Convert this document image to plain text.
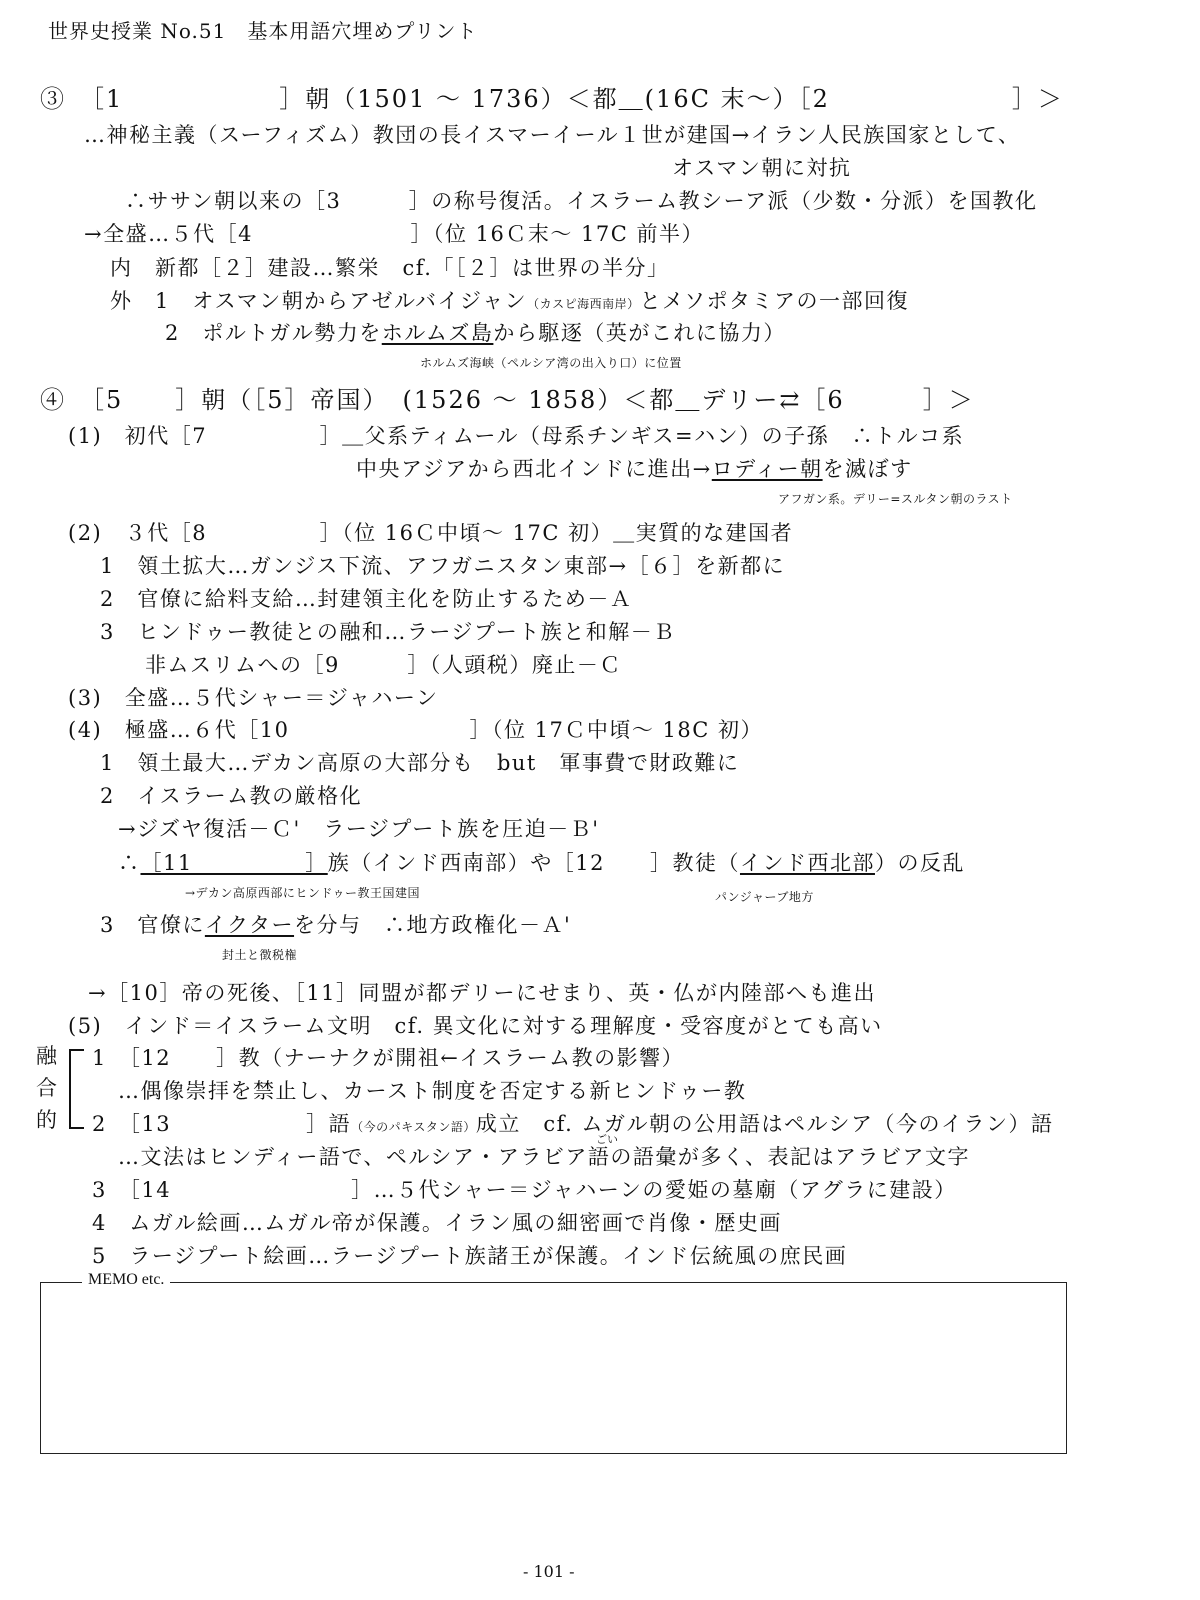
世界史授業 No.51　基本用語穴埋めプリント
③　［1　　　　　　］朝（1501 〜 1736）＜都＿(16C 末〜）［2　　　　　　　］＞
…神秘主義（スーフィズム）教団の長イスマーイール１世が建国→イラン人民族国家として、
オスマン朝に対抗
∴ササン朝以来の［3　　　］の称号復活。イスラーム教シーア派（少数・分派）を国教化
→全盛…５代［4　　　　　　　］（位 16Ｃ末〜 17C 前半）
内　新都［２］建設…繁栄　cf.「［２］は世界の半分」
外　1　オスマン朝からアゼルバイジャン（カスピ海西南岸）とメソポタミアの一部回復
2　ポルトガル勢力をホルムズ島から駆逐（英がこれに協力）
ホルムズ海峡（ペルシア湾の出入り口）に位置
④　［5　　］朝（［5］帝国）　(1526 〜 1858）＜都＿デリー⇄［6　　　］＞
(1)　初代［7　　　　　］＿父系ティムール（母系チンギス=ハン）の子孫　∴トルコ系
中央アジアから西北インドに進出→ロディー朝を滅ぼす
アフガン系。デリー=スルタン朝のラスト
(2)　３代［8　　　　　］（位 16Ｃ中頃〜 17C 初）＿実質的な建国者
1　領土拡大…ガンジス下流、アフガニスタン東部→［６］を新都に
2　官僚に給料支給…封建領主化を防止するため－Ａ
3　ヒンドゥー教徒との融和…ラージプート族と和解－Ｂ
非ムスリムへの［9　　　］（人頭税）廃止－Ｃ
(3)　全盛…５代シャー＝ジャハーン
(4)　極盛…６代［10　　　　　　　　］（位 17Ｃ中頃〜 18C 初）
1　領土最大…デカン高原の大部分も　but　軍事費で財政難に
2　イスラーム教の厳格化
→ジズヤ復活－Ｃ'　ラージプート族を圧迫－Ｂ'
∴［11　　　　　］族（インド西南部）や［12　　］教徒（インド西北部）の反乱
→デカン高原西部にヒンドゥー教王国建国	パンジャーブ地方
3　官僚にイクターを分与　∴地方政権化－Ａ'
封土と徴税権
→［10］帝の死後、［11］同盟が都デリーにせまり、英・仏が内陸部へも進出
(5)　インド＝イスラーム文明　cf. 異文化に対する理解度・受容度がとても高い
融
合
的
1　［12　　］教（ナーナクが開祖←イスラーム教の影響）
…偶像崇拝を禁止し、カースト制度を否定する新ヒンドゥー教
2　［13　　　　　　］語（今のパキスタン語）成立　cf. ムガル朝の公用語はペルシア（今のイラン）語
ごい
…文法はヒンディー語で、ペルシア・アラビア語の語彙が多く、表記はアラビア文字
3　［14　　　　　　　　］…５代シャー＝ジャハーンの愛姫の墓廟（アグラに建設）
4　ムガル絵画…ムガル帝が保護。イラン風の細密画で肖像・歴史画
5　ラージプート絵画…ラージプート族諸王が保護。インド伝統風の庶民画
MEMO etc.
- 101 -
